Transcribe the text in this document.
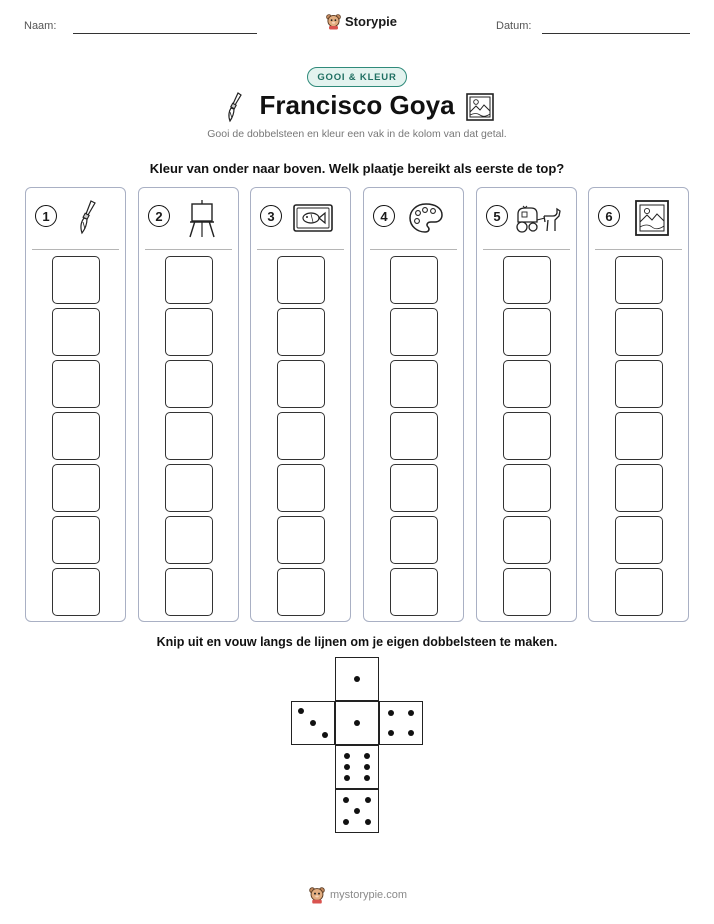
Naam:	Storypie	Datum:
GOOI & KLEUR
Francisco Goya
Gooi de dobbelsteen en kleur een vak in de kolom van dat getal.
Kleur van onder naar boven. Welk plaatje bereikt als eerste de top?
1	2	3	4	5	6
Knip uit en vouw langs de lijnen om je eigen dobbelsteen te maken.
mystorypie.com
